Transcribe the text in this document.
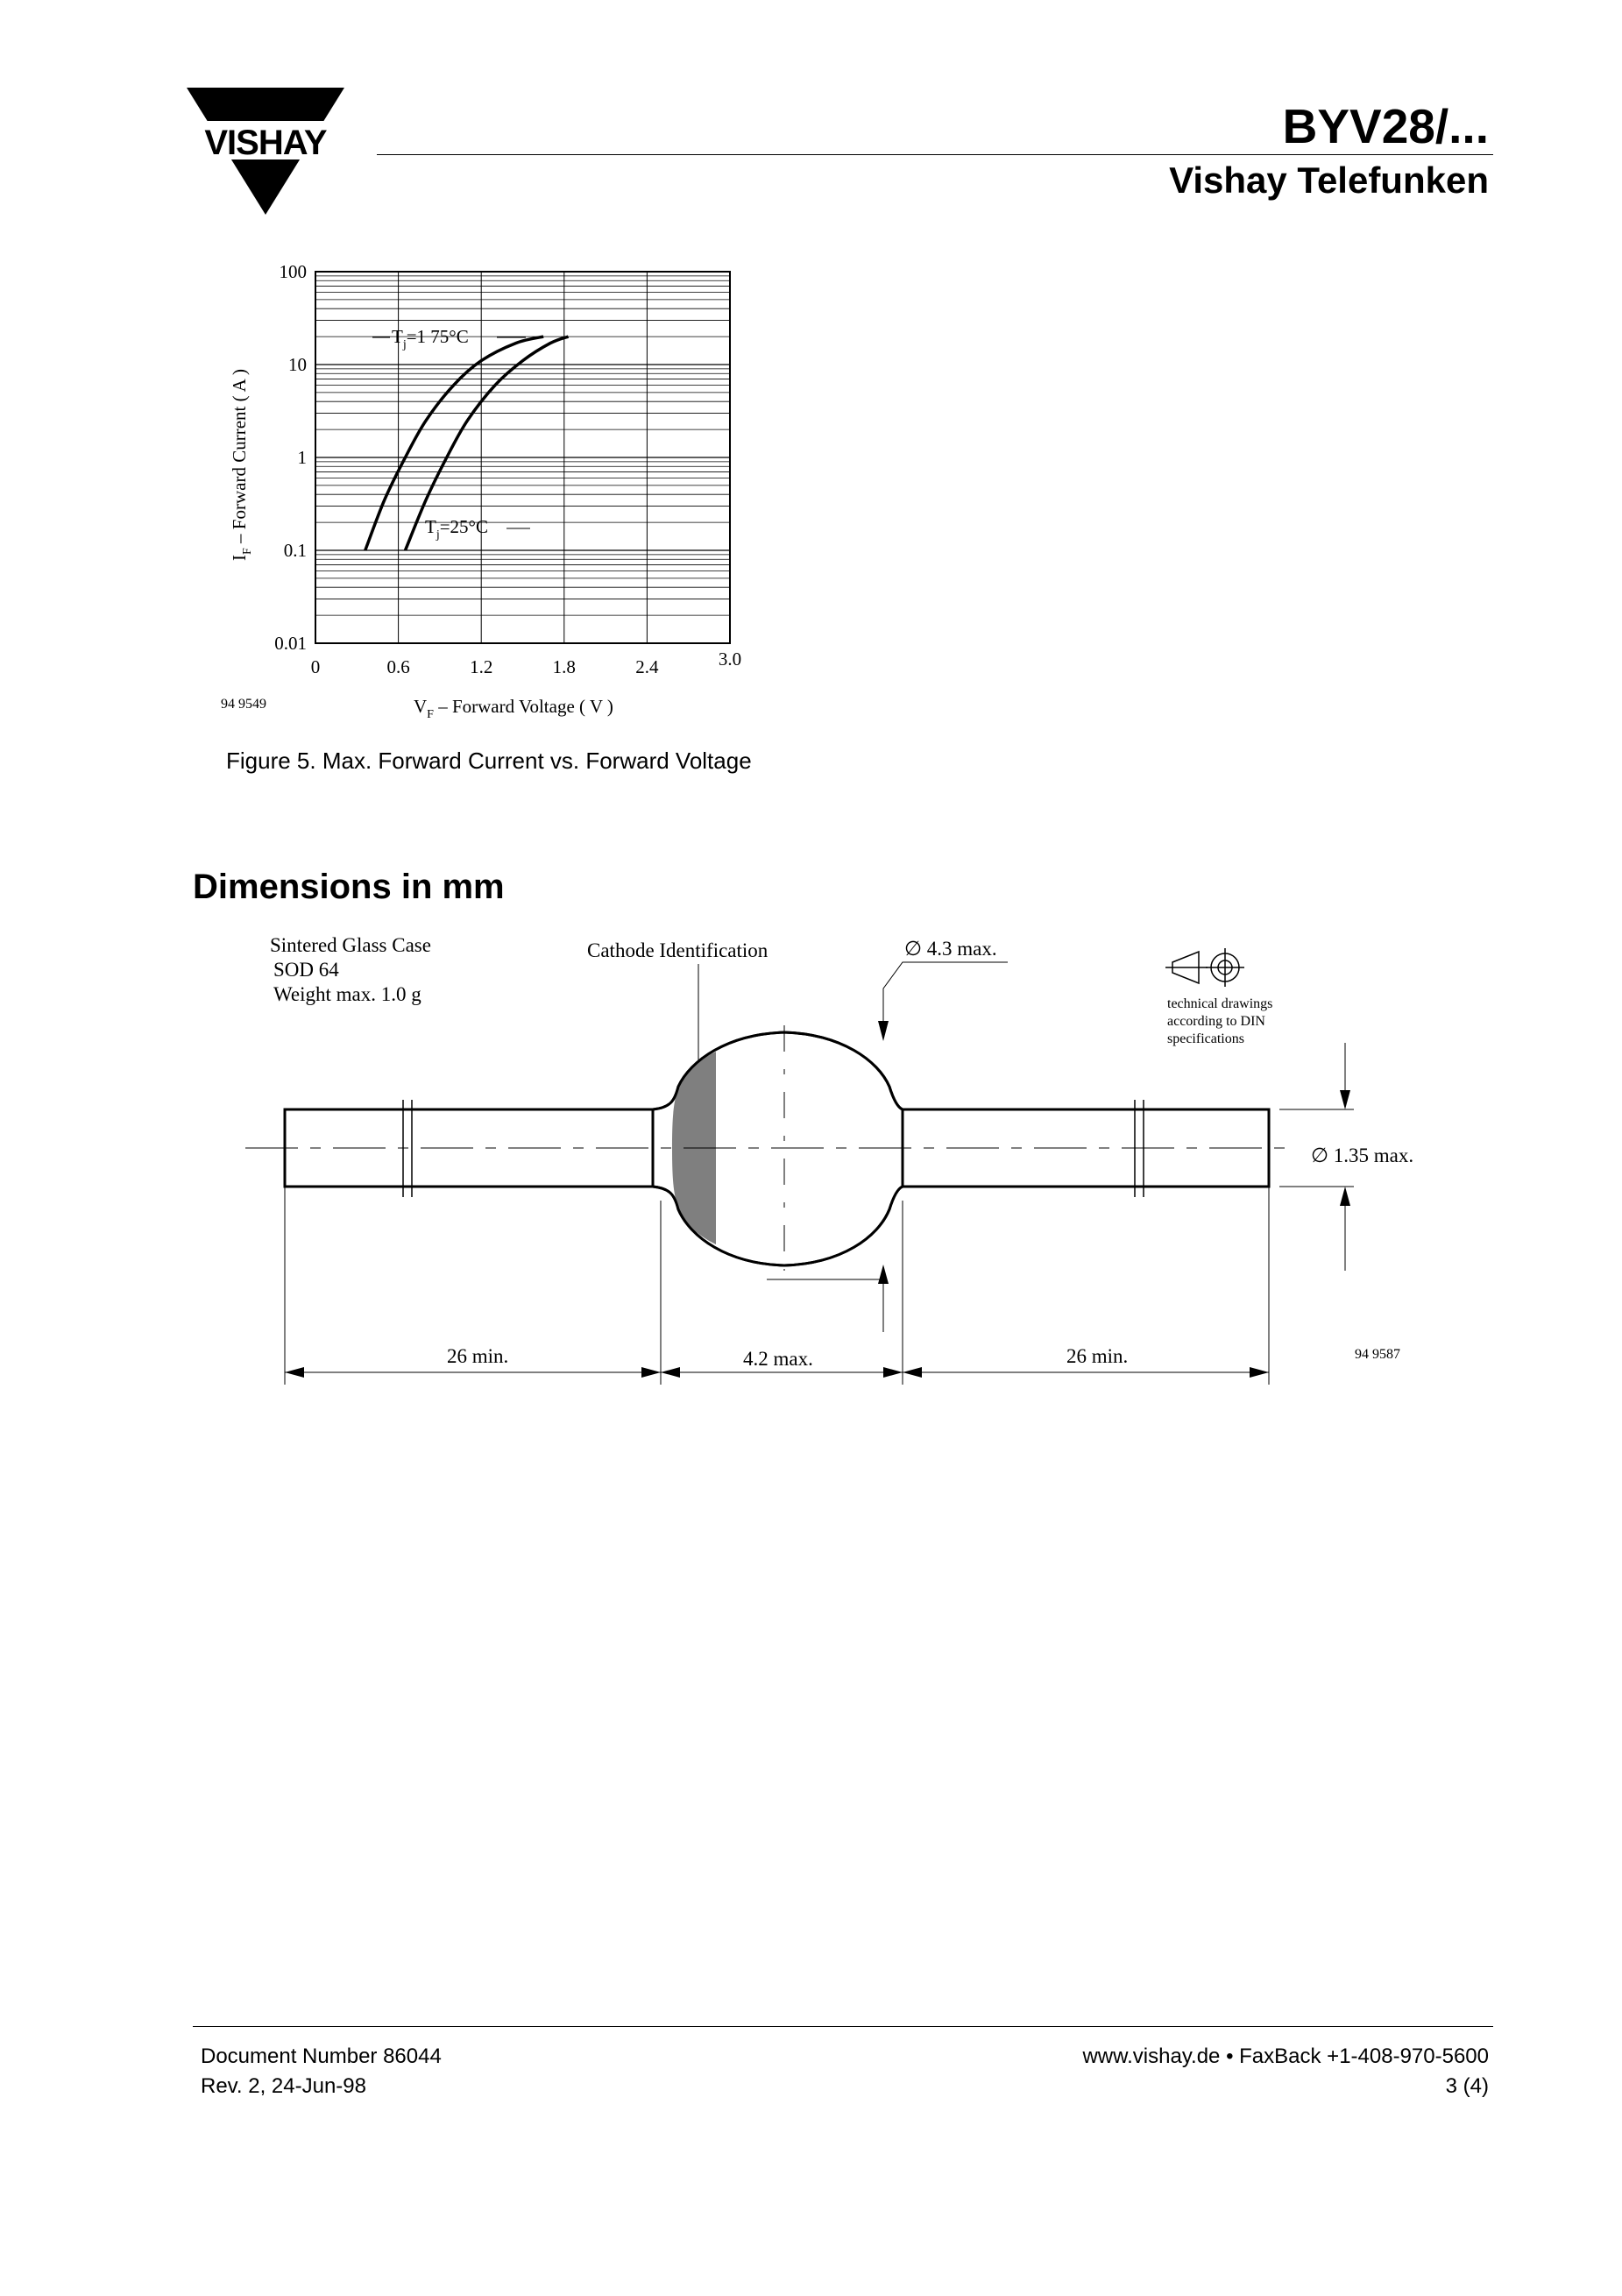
VISHAY	BYV28/...
Vishay Telefunken
100
10
1
0.1
0.01
0	0.6	1.2	1.8	2.4	3.0
$T_j=1$ 75°C
$T_j=25^\circ C$
94 9549	$V_F$ – Forward Voltage ( V )
$I_F$ – Forward Current ( A )
Figure 5. Max. Forward Current vs. Forward Voltage
Dimensions in mm
Sintered Glass Case
SOD 64
Weight max. 1.0 g
Cathode Identification	∅ 4.3 max.
technical drawings
according to DIN
specifications
∅ 1.35 max.
26 min.	4.2 max.	26 min.	94 9587
Document Number 86044
Rev. 2, 24-Jun-98
www.vishay.de • FaxBack +1-408-970-5600
3 (4)
